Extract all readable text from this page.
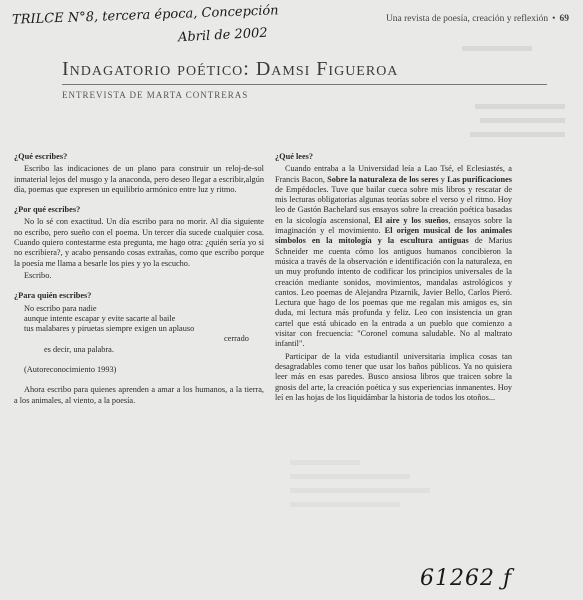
TRILCE N°8, tercera época, Concepción
Abril de 2002
Una revista de poesía, creación y reflexión • 69
Indagatorio poético: Damsi Figueroa
ENTREVISTA DE MARTA CONTRERAS
¿Qué escribes?
Escribo las indicaciones de un plano para construir un reloj-de-sol inmaterial lejos del musgo y la anaconda, pero deseo llegar a escribir,algún día, poemas que expresen un equilibrio armónico entre luz y ritmo.
¿Por qué escribes?
No lo sé con exactitud. Un día escribo para no morir. Al día siguiente no escribo, pero sueño con el poema. Un tercer día sucede cualquier cosa. Cuando quiero contestarme esta pregunta, me hago otra: ¿quién sería yo si no escribiera?, y acabo pensando cosas extrañas, como que escribo porque la poesía me llama a besarle los pies y yo la escucho.
Escribo.
¿Para quién escribes?
No escribo para nadie
aunque intente escapar y evite sacarte al baile
tus malabares y piruetas siempre exigen un aplauso
cerrado
es decir, una palabra.
(Autoreconocimiento 1993)
Ahora escribo para quienes aprenden a amar a los humanos, a la tierra, a los animales, al viento, a la poesía.
¿Qué lees?
Cuando entraba a la Universidad leía a Lao Tsé, el Eclesiastés, a Francis Bacon, Sobre la naturaleza de los seres y Las purificaciones de Empédocles. Tuve que bailar cueca sobre mis libros y rescatar de mis lecturas obligatorias algunas teorías sobre el verso y el ritmo. Hoy leo de Gastón Bachelard sus ensayos sobre la creación poética basadas en la sicología ascensional, El aire y los sueños, ensayos sobre la imaginación y el movimiento. El origen musical de los animales símbolos en la mitología y la escultura antiguas de Marius Schneider me cuenta cómo los antiguos humanos concibieron la música a través de la observación e identificación con la naturaleza, en un muy profundo intento de codificar los principios universales de la creación mediante sonidos, movimientos, mandalas astrológicos y cantos. Leo poemas de Alejandra Pizarnik, Javier Bello, Carlos Pieró. Lectura que hago de los poemas que me regalan mis amigos es, sin duda, mi lectura más profunda y feliz. Leo con insistencia un gran cartel que está ubicado en la entrada a un pueblo que comienzo a visitar con frecuencia: "Coronel comuna saludable. No al maltrato infantil".
Participar de la vida estudiantil universitaria implica cosas tan desagradables como tener que usar los baños públicos. Ya no quisiera leer más en esas paredes. Busco ansiosa libros que traicen sobre la gnosis del arte, la creación poética y sus experiencias inmanentes. Hoy leí en las hojas de los liquidámbar la historia de todos los otoños...
61262 ƒ
